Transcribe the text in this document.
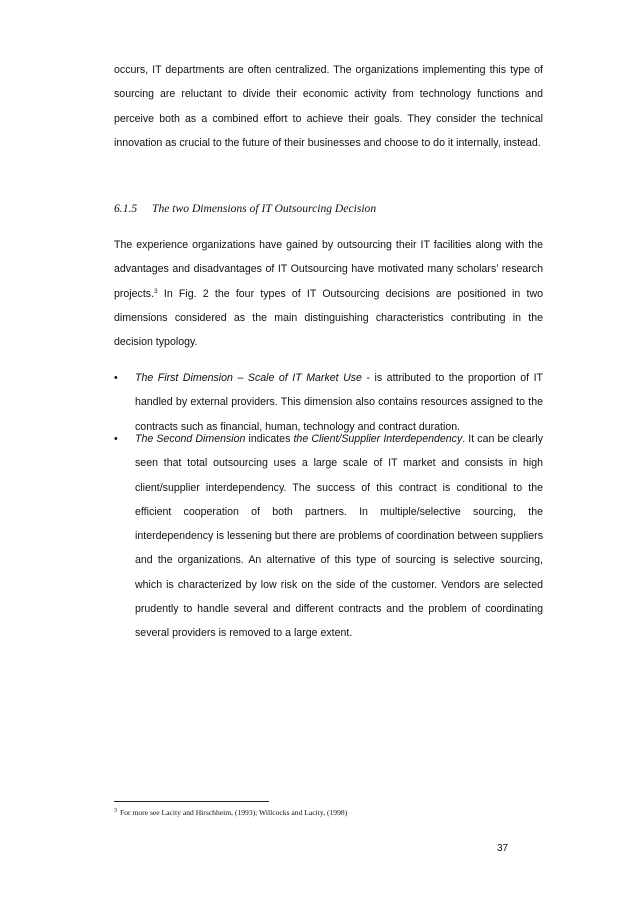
occurs, IT departments are often centralized. The organizations implementing this type of sourcing are reluctant to divide their economic activity from technology functions and perceive both as a combined effort to achieve their goals. They consider the technical innovation as crucial to the future of their businesses and choose to do it internally, instead.

6.1.5 The two Dimensions of IT Outsourcing Decision

The experience organizations have gained by outsourcing their IT facilities along with the advantages and disadvantages of IT Outsourcing have motivated many scholars’ research projects.$^3$ In Fig. 2 the four types of IT Outsourcing decisions are positioned in two dimensions considered as the main distinguishing characteristics contributing in the decision typology.

• The First Dimension – Scale of IT Market Use - is attributed to the proportion of IT handled by external providers. This dimension also contains resources assigned to the contracts such as financial, human, technology and contract duration.
• The Second Dimension indicates the Client/Supplier Interdependency. It can be clearly seen that total outsourcing uses a large scale of IT market and consists in high client/supplier interdependency. The success of this contract is conditional to the efficient cooperation of both partners. In multiple/selective sourcing, the interdependency is lessening but there are problems of coordination between suppliers and the organizations. An alternative of this type of sourcing is selective sourcing, which is characterized by low risk on the side of the customer. Vendors are selected prudently to handle several and different contracts and the problem of coordinating several providers is removed to a large extent.

$^3$ For more see Lacity and Hirschheim, (1993); Willcocks and Lacity, (1998)

37
